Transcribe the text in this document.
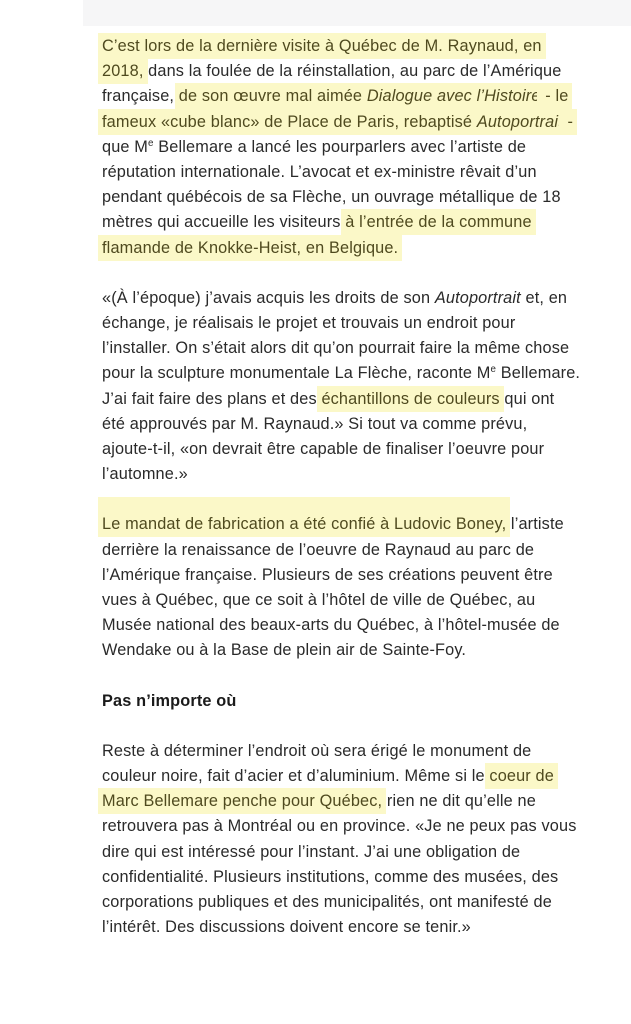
C’est lors de la dernière visite à Québec de M. Raynaud, en 2018, dans la foulée de la réinstallation, au parc de l’Amérique française, de son œuvre mal aimée Dialogue avec l’Histoire - le fameux «cube blanc» de Place de Paris, rebaptisé Autoportrait - que Me Bellemare a lancé les pourparlers avec l’artiste de réputation internationale. L’avocat et ex-ministre rêvait d’un pendant québécois de sa Flèche, un ouvrage métallique de 18 mètres qui accueille les visiteurs à l’entrée de la commune flamande de Knokke-Heist, en Belgique.

«(À l’époque) j’avais acquis les droits de son Autoportrait et, en échange, je réalisais le projet et trouvais un endroit pour l’installer. On s’était alors dit qu’on pourrait faire la même chose pour la sculpture monumentale La Flèche, raconte Me Bellemare. J’ai fait faire des plans et des échantillons de couleurs qui ont été approuvés par M. Raynaud.» Si tout va comme prévu, ajoute-t-il, «on devrait être capable de finaliser l’oeuvre pour l’automne.»

Le mandat de fabrication a été confié à Ludovic Boney, l’artiste derrière la renaissance de l’oeuvre de Raynaud au parc de l’Amérique française. Plusieurs de ses créations peuvent être vues à Québec, que ce soit à l’hôtel de ville de Québec, au Musée national des beaux-arts du Québec, à l’hôtel-musée de Wendake ou à la Base de plein air de Sainte-Foy.

Pas n’importe où

Reste à déterminer l’endroit où sera érigé le monument de couleur noire, fait d’acier et d’aluminium. Même si le coeur de Marc Bellemare penche pour Québec, rien ne dit qu’elle ne retrouvera pas à Montréal ou en province. «Je ne peux pas vous dire qui est intéressé pour l’instant. J’ai une obligation de confidentialité. Plusieurs institutions, comme des musées, des corporations publiques et des municipalités, ont manifesté de l’intérêt. Des discussions doivent encore se tenir.»
